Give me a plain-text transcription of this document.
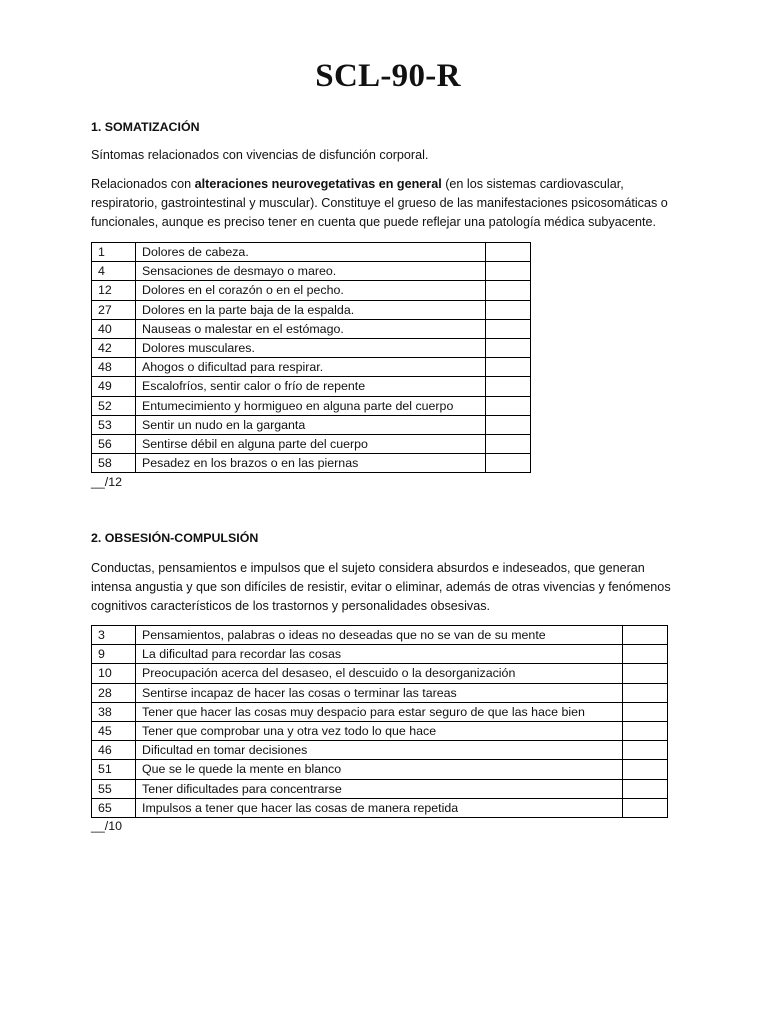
SCL-90-R
1. SOMATIZACIÓN
Síntomas relacionados con vivencias de disfunción corporal.
Relacionados con alteraciones neurovegetativas en general (en los sistemas cardiovascular, respiratorio, gastrointestinal y muscular). Constituye el grueso de las manifestaciones psicosomáticas o funcionales, aunque es preciso tener en cuenta que puede reflejar una patología médica subyacente.
1	Dolores de cabeza.	
4	Sensaciones de desmayo o mareo.	
12	Dolores en el corazón o en el pecho.	
27	Dolores en la parte baja de la espalda.	
40	Nauseas o malestar en el estómago.	
42	Dolores musculares.	
48	Ahogos o dificultad para respirar.	
49	Escalofríos, sentir calor o frío de repente	
52	Entumecimiento y hormigueo en alguna parte del cuerpo	
53	Sentir un nudo en la garganta	
56	Sentirse débil en alguna parte del cuerpo	
58	Pesadez en los brazos o en las piernas	
__/12
2. OBSESIÓN-COMPULSIÓN
Conductas, pensamientos e impulsos que el sujeto considera absurdos e indeseados, que generan intensa angustia y que son difíciles de resistir, evitar o eliminar, además de otras vivencias y fenómenos cognitivos característicos de los trastornos y personalidades obsesivas.
3	Pensamientos, palabras o ideas no deseadas que no se van de su mente	
9	La dificultad para recordar las cosas	
10	Preocupación acerca del desaseo, el descuido o la desorganización	
28	Sentirse incapaz de hacer las cosas o terminar las tareas	
38	Tener que hacer las cosas muy despacio para estar seguro de que las hace bien	
45	Tener que comprobar una y otra vez todo lo que hace	
46	Dificultad en tomar decisiones	
51	Que se le quede la mente en blanco	
55	Tener dificultades para concentrarse	
65	Impulsos a tener que hacer las cosas de manera repetida	
__/10
